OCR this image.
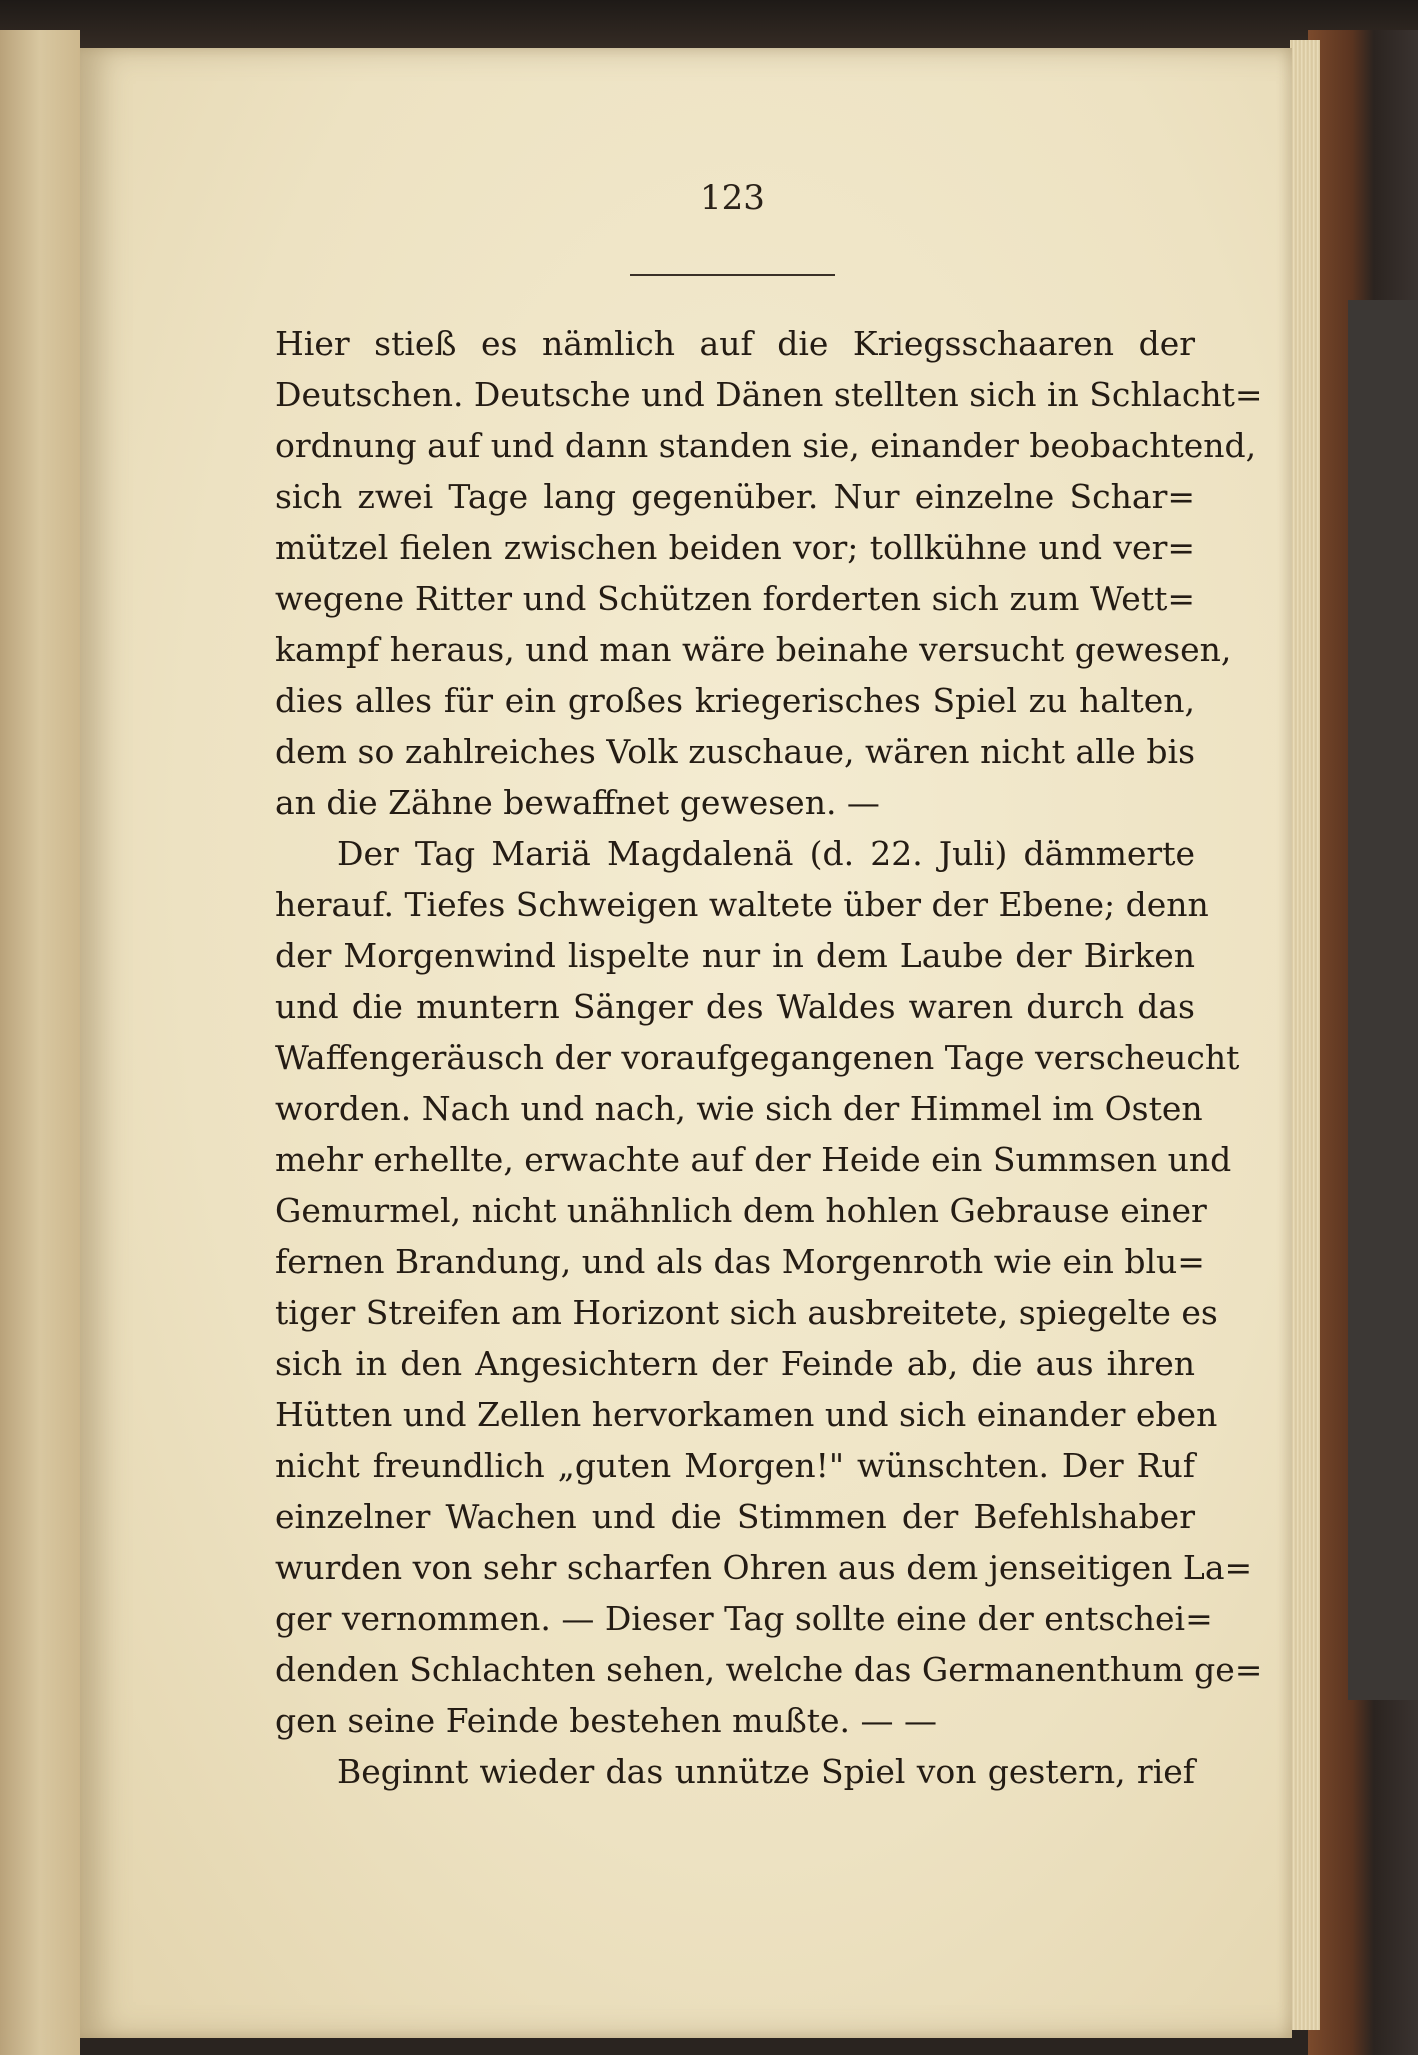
123
Hier stieß es nämlich auf die Kriegsschaaren der
Deutschen. Deutsche und Dänen stellten sich in Schlacht=
ordnung auf und dann standen sie, einander beobachtend,
sich zwei Tage lang gegenüber. Nur einzelne Schar=
mützel fielen zwischen beiden vor; tollkühne und ver=
wegene Ritter und Schützen forderten sich zum Wett=
kampf heraus, und man wäre beinahe versucht gewesen,
dies alles für ein großes kriegerisches Spiel zu halten,
dem so zahlreiches Volk zuschaue, wären nicht alle bis
an die Zähne bewaffnet gewesen. —
Der Tag Mariä Magdalenä (d. 22. Juli) dämmerte
herauf. Tiefes Schweigen waltete über der Ebene; denn
der Morgenwind lispelte nur in dem Laube der Birken
und die muntern Sänger des Waldes waren durch das
Waffengeräusch der voraufgegangenen Tage verscheucht
worden. Nach und nach, wie sich der Himmel im Osten
mehr erhellte, erwachte auf der Heide ein Summsen und
Gemurmel, nicht unähnlich dem hohlen Gebrause einer
fernen Brandung, und als das Morgenroth wie ein blu=
tiger Streifen am Horizont sich ausbreitete, spiegelte es
sich in den Angesichtern der Feinde ab, die aus ihren
Hütten und Zellen hervorkamen und sich einander eben
nicht freundlich „guten Morgen!" wünschten. Der Ruf
einzelner Wachen und die Stimmen der Befehlshaber
wurden von sehr scharfen Ohren aus dem jenseitigen La=
ger vernommen. — Dieser Tag sollte eine der entschei=
denden Schlachten sehen, welche das Germanenthum ge=
gen seine Feinde bestehen mußte. — —
Beginnt wieder das unnütze Spiel von gestern, rief
